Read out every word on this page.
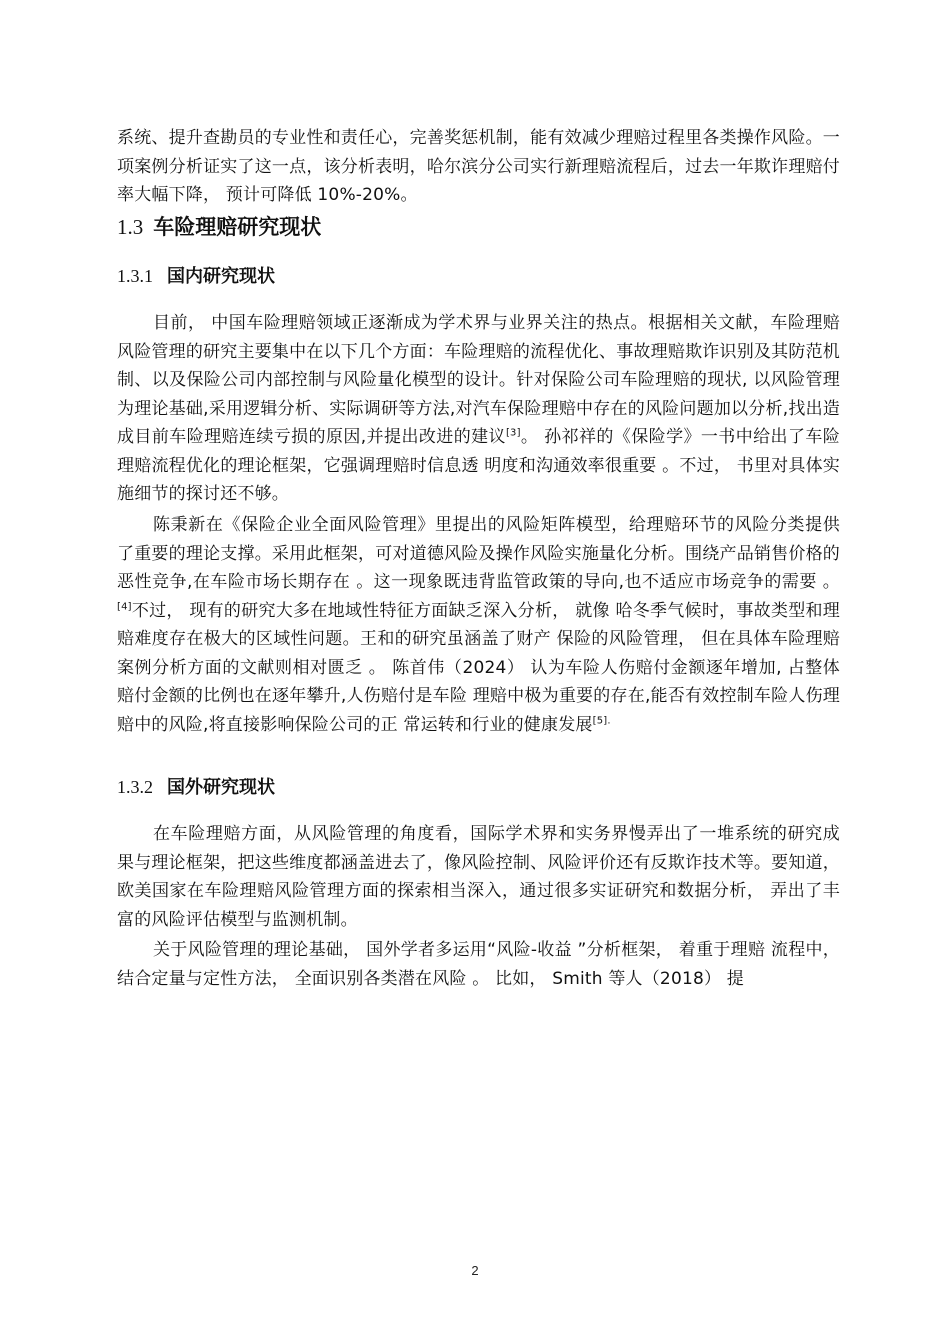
系统、提升查勘员的专业性和责任心，完善奖惩机制，能有效减少理赔过程里各类操作风险。一项案例分析证实了这一点，该分析表明，哈尔滨分公司实行新理赔流程后，过去一年欺诈理赔付率大幅下降， 预计可降低 10%-20%。

1.3 车险理赔研究现状
1.3.1 国内研究现状

目前， 中国车险理赔领域正逐渐成为学术界与业界关注的热点。根据相关文献，车险理赔风险管理的研究主要集中在以下几个方面：车险理赔的流程优化、事故理赔欺诈识别及其防范机制、以及保险公司内部控制与风险量化模型的设计。针对保险公司车险理赔的现状, 以风险管理为理论基础,采用逻辑分析、实际调研等方法,对汽车保险理赔中存在的风险问题加以分析,找出造成目前车险理赔连续亏损的原因,并提出改进的建议[3]。 孙祁祥的《保险学》一书中给出了车险理赔流程优化的理论框架，它强调理赔时信息透 明度和沟通效率很重要 。不过， 书里对具体实施细节的探讨还不够。

陈秉新在《保险企业全面风险管理》里提出的风险矩阵模型，给理赔环节的风险分类提供了重要的理论支撑。采用此框架，可对道德风险及操作风险实施量化分析。围绕产品销售价格的恶性竞争,在车险市场长期存在 。这一现象既违背监管政策的导向,也不适应市场竞争的需要 。[4]不过， 现有的研究大多在地域性特征方面缺乏深入分析， 就像 哈冬季气候时，事故类型和理赔难度存在极大的区域性问题。王和的研究虽涵盖了财产 保险的风险管理， 但在具体车险理赔案例分析方面的文献则相对匮乏 。 陈首伟（2024） 认为车险人伤赔付金额逐年增加, 占整体赔付金额的比例也在逐年攀升,人伤赔付是车险 理赔中极为重要的存在,能否有效控制车险人伤理赔中的风险,将直接影响保险公司的正 常运转和行业的健康发展$^{[5].}$

1.3.2 国外研究现状

在车险理赔方面，从风险管理的角度看，国际学术界和实务界慢弄出了一堆系统的研究成果与理论框架，把这些维度都涵盖进去了，像风险控制、风险评价还有反欺诈技术等。要知道，欧美国家在车险理赔风险管理方面的探索相当深入，通过很多实证研究和数据分析， 弄出了丰富的风险评估模型与监测机制。

关于风险管理的理论基础， 国外学者多运用“风险-收益 ”分析框架， 着重于理赔 流程中， 结合定量与定性方法， 全面识别各类潜在风险 。 比如， Smith 等人（2018） 提

2
